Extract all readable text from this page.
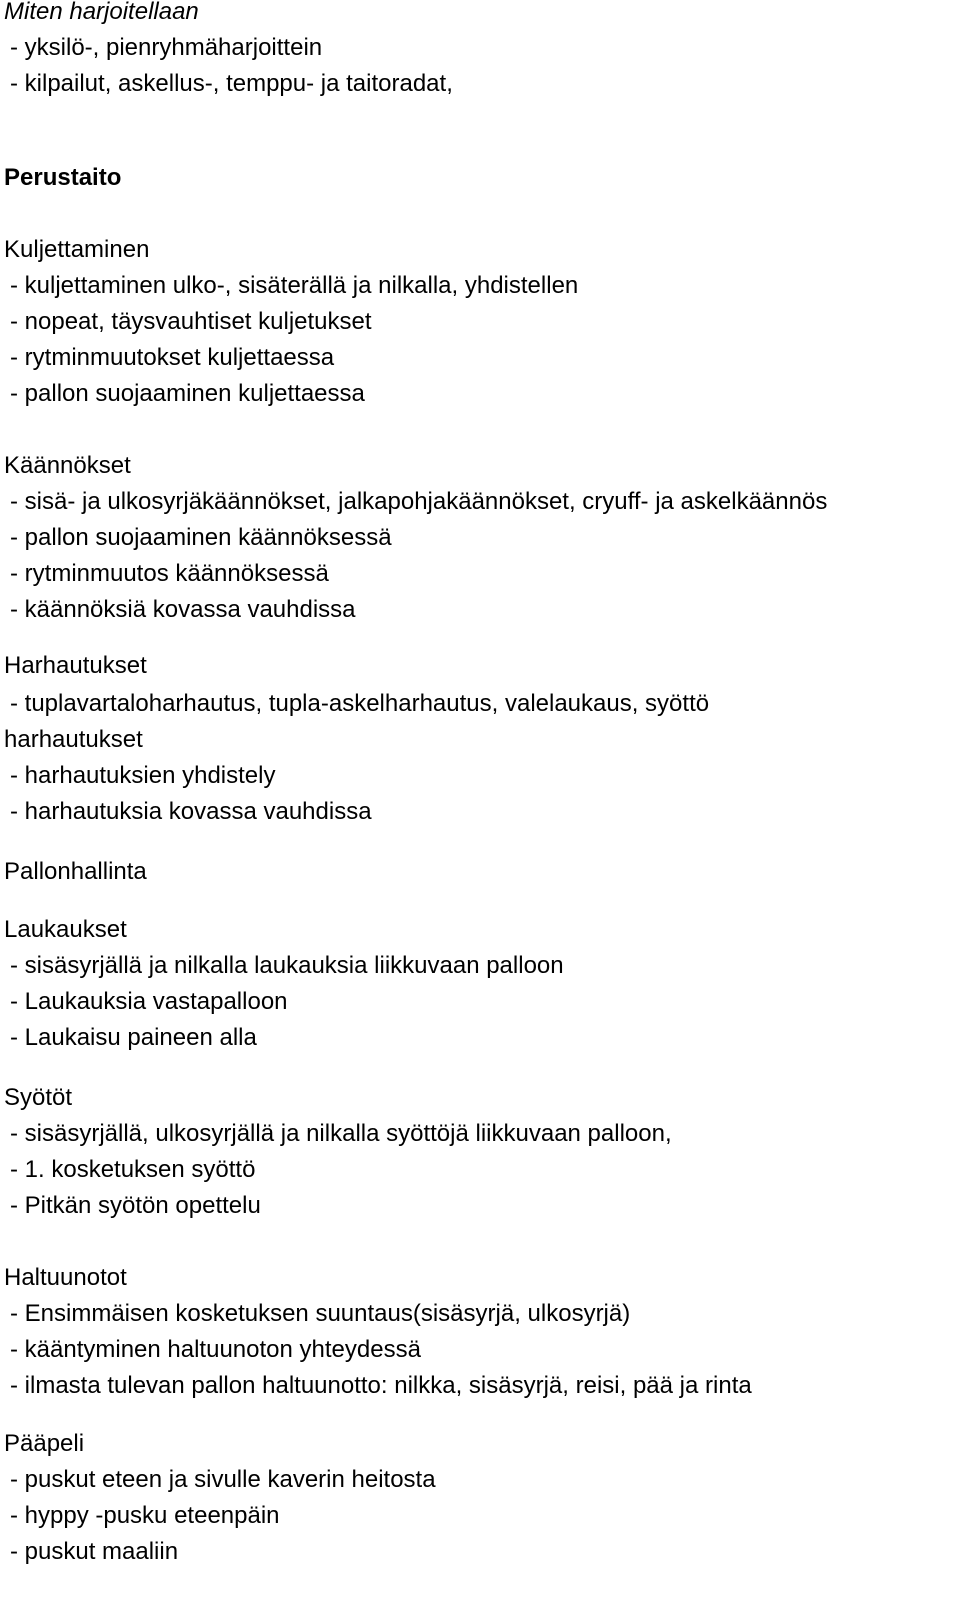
Miten harjoitellaan
- yksilö-, pienryhmäharjoittein
- kilpailut, askellus-, temppu- ja taitoradat,
Perustaito
Kuljettaminen
- kuljettaminen ulko-, sisäterällä ja nilkalla, yhdistellen
- nopeat, täysvauhtiset kuljetukset
- rytminmuutokset kuljettaessa
- pallon suojaaminen kuljettaessa
Käännökset
- sisä- ja ulkosyrjäkäännökset, jalkapohjakäännökset, cryuff- ja askelkäännös
- pallon suojaaminen käännöksessä
- rytminmuutos käännöksessä
- käännöksiä kovassa vauhdissa
Harhautukset
- tuplavartaloharhautus, tupla-askelharhautus, valelaukaus, syöttö
harhautukset
- harhautuksien yhdistely
- harhautuksia kovassa vauhdissa
Pallonhallinta
Laukaukset
- sisäsyrjällä ja nilkalla laukauksia liikkuvaan palloon
- Laukauksia vastapalloon
- Laukaisu paineen alla
Syötöt
- sisäsyrjällä, ulkosyrjällä ja nilkalla syöttöjä liikkuvaan palloon,
- 1. kosketuksen syöttö
- Pitkän syötön opettelu
Haltuunotot
- Ensimmäisen kosketuksen suuntaus(sisäsyrjä, ulkosyrjä)
- kääntyminen haltuunoton yhteydessä
- ilmasta tulevan pallon haltuunotto: nilkka, sisäsyrjä, reisi, pää ja rinta
Pääpeli
- puskut eteen ja sivulle kaverin heitosta
- hyppy -pusku eteenpäin
- puskut maaliin
